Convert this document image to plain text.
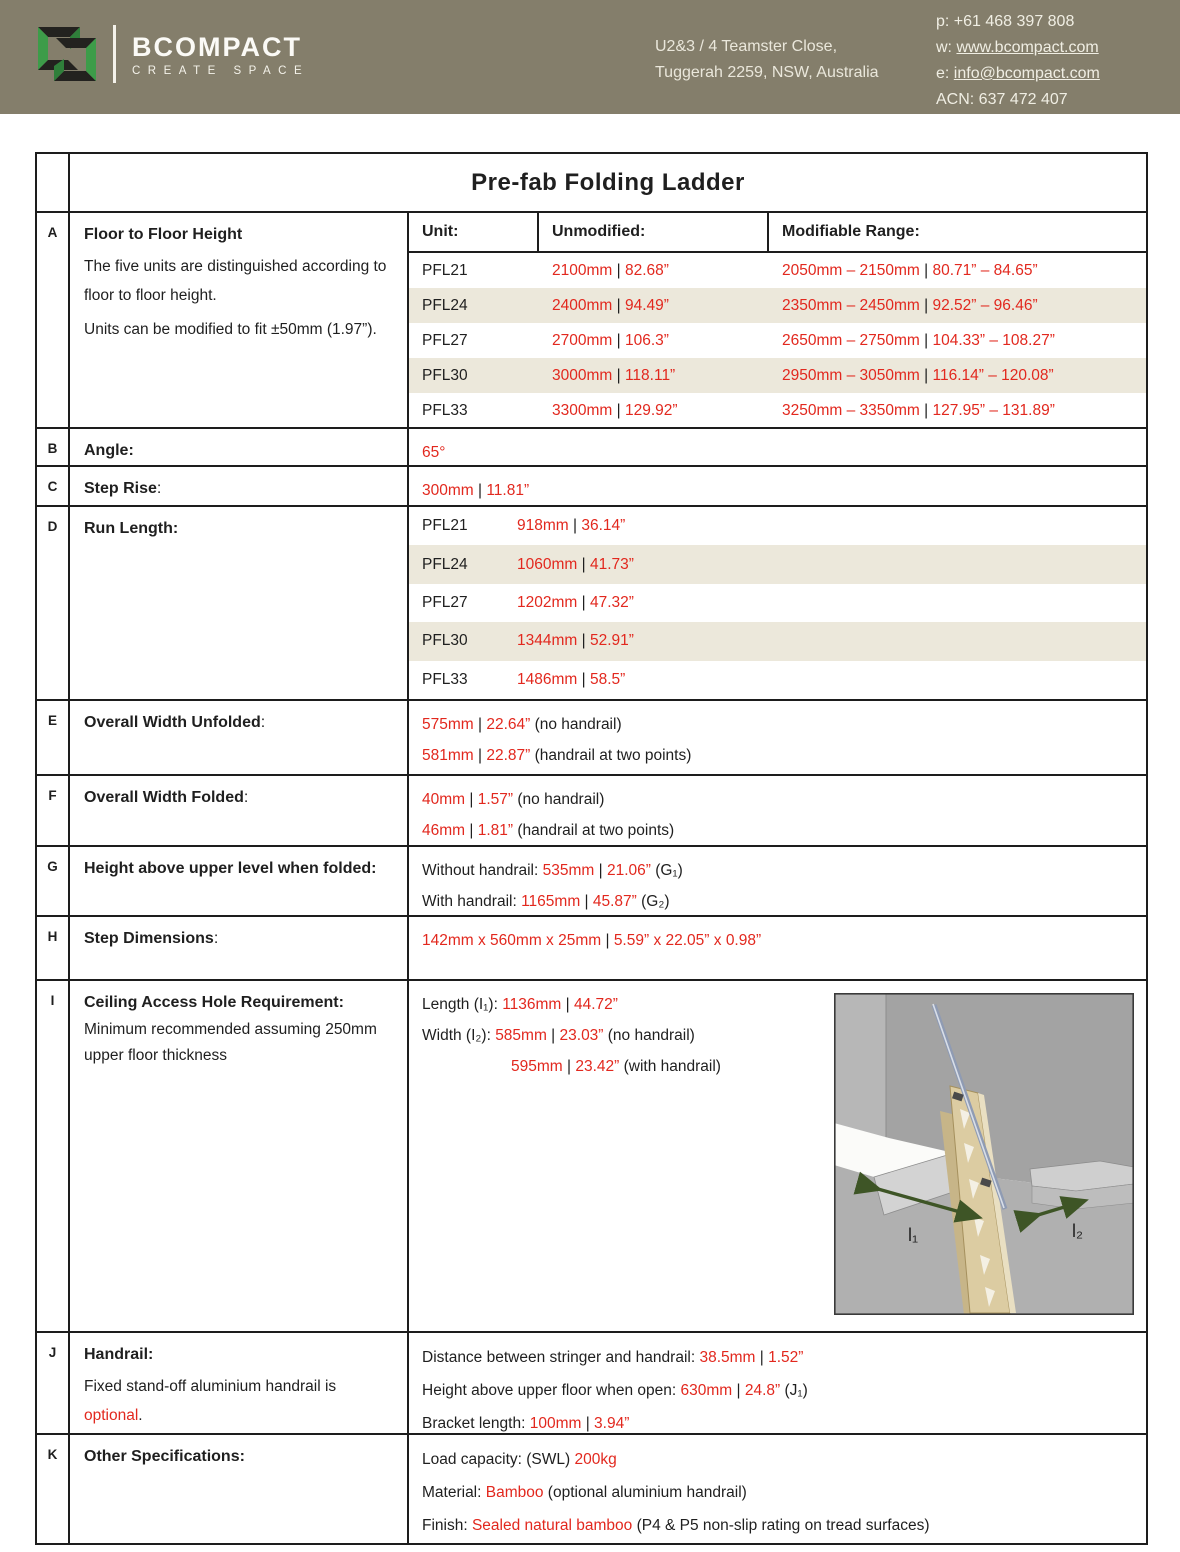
BCOMPACT
CREATE SPACE
U2&3 / 4 Teamster Close,
Tuggerah 2259, NSW, Australia
p: +61 468 397 808
w: www.bcompact.com
e: info@bcompact.com
ACN: 637 472 407
Pre-fab Folding Ladder
A	Floor to Floor Height

The five units are distinguished according to floor to floor height.

Units can be modified to fit ±50mm (1.97”).

Unit:	Unmodified:	Modifiable Range:
PFL21	2100mm | 82.68”	2050mm – 2150mm | 80.71” – 84.65”
PFL24	2400mm | 94.49”	2350mm – 2450mm | 92.52” – 96.46”
PFL27	2700mm | 106.3”	2650mm – 2750mm | 104.33” – 108.27”
PFL30	3000mm | 118.11”	2950mm – 3050mm | 116.14” – 120.08”
PFL33	3300mm | 129.92”	3250mm – 3350mm | 127.95” – 131.89”
B	Angle:	65°
C	Step Rise:	300mm | 11.81”
D	Run Length:	PFL21	918mm | 36.14”
PFL24	1060mm | 41.73”
PFL27	1202mm | 47.32”
PFL30	1344mm | 52.91”
PFL33	1486mm | 58.5”
E	Overall Width Unfolded:	575mm | 22.64” (no handrail)
581mm | 22.87” (handrail at two points)
F	Overall Width Folded:	40mm | 1.57” (no handrail)
46mm | 1.81” (handrail at two points)
G	Height above upper level when folded:	Without handrail: 535mm | 21.06” (G₁)
With handrail: 1165mm | 45.87” (G₂)
H	Step Dimensions:	142mm x 560mm x 25mm | 5.59” x 22.05” x 0.98”
I	Ceiling Access Hole Requirement:

Minimum recommended assuming 250mm upper floor thickness

Length (I₁): 1136mm | 44.72”
Width (I₂): 585mm | 23.03” (no handrail)
595mm | 23.42” (with handrail)
l₁	l₂
J	Handrail:

Fixed stand-off aluminium handrail is optional.

Distance between stringer and handrail: 38.5mm | 1.52”
Height above upper floor when open: 630mm | 24.8” (J₁)
Bracket length: 100mm | 3.94”
K	Other Specifications:	Load capacity: (SWL) 200kg
Material: Bamboo (optional aluminium handrail)
Finish: Sealed natural bamboo (P4 & P5 non-slip rating on tread surfaces)
